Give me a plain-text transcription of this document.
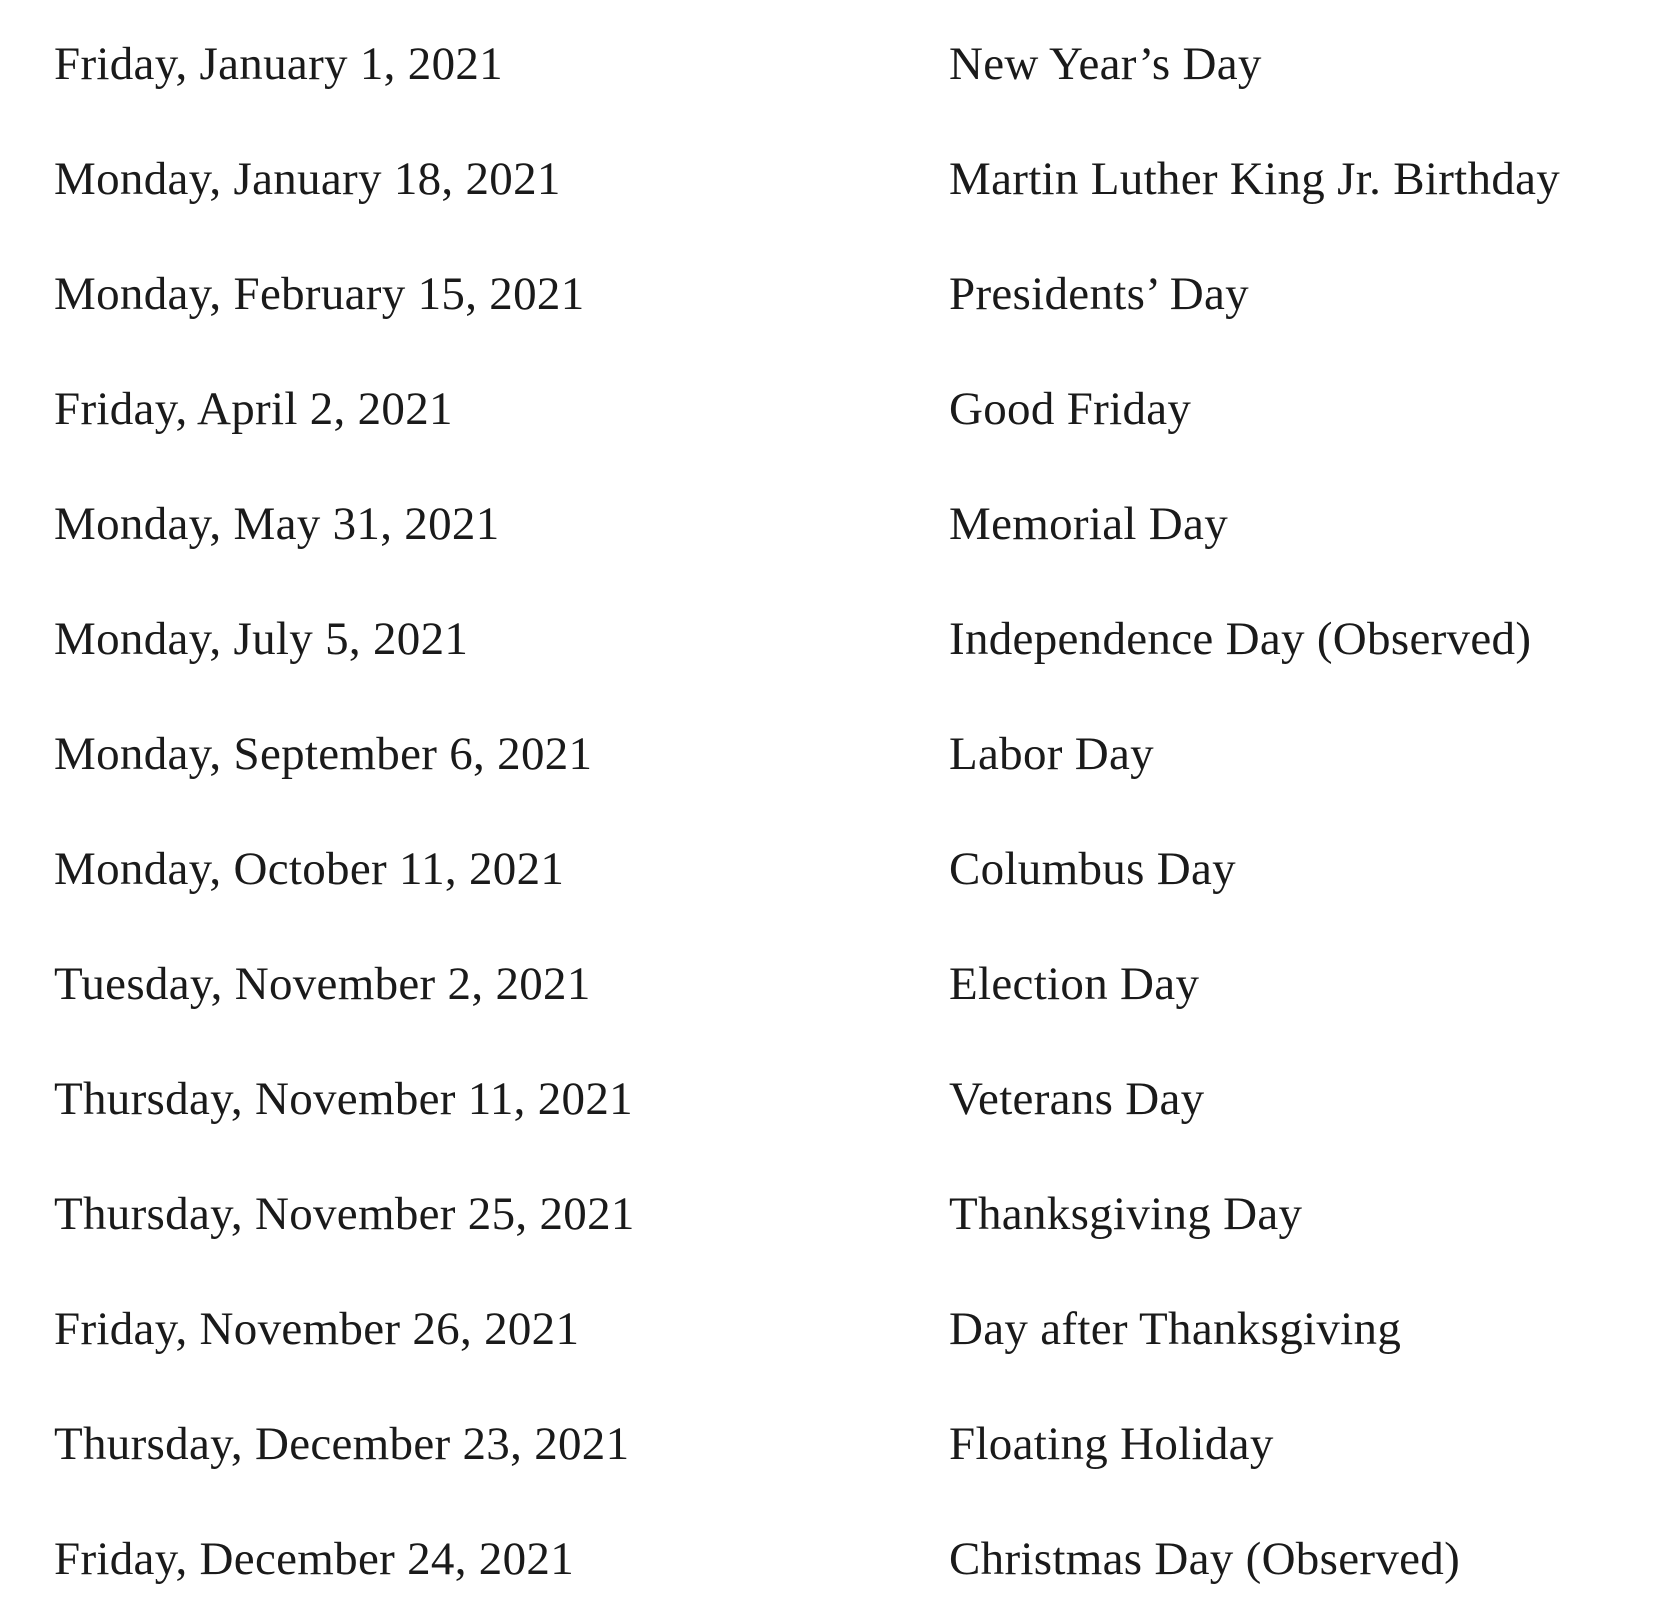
Friday, January 1, 2021	New Year’s Day
Monday, January 18, 2021	Martin Luther King Jr. Birthday
Monday, February 15, 2021	Presidents’ Day
Friday, April 2, 2021	Good Friday
Monday, May 31, 2021	Memorial Day
Monday, July 5, 2021	Independence Day (Observed)
Monday, September 6, 2021	Labor Day
Monday, October 11, 2021	Columbus Day
Tuesday, November 2, 2021	Election Day
Thursday, November 11, 2021	Veterans Day
Thursday, November 25, 2021	Thanksgiving Day
Friday, November 26, 2021	Day after Thanksgiving
Thursday, December 23, 2021	Floating Holiday
Friday, December 24, 2021	Christmas Day (Observed)
